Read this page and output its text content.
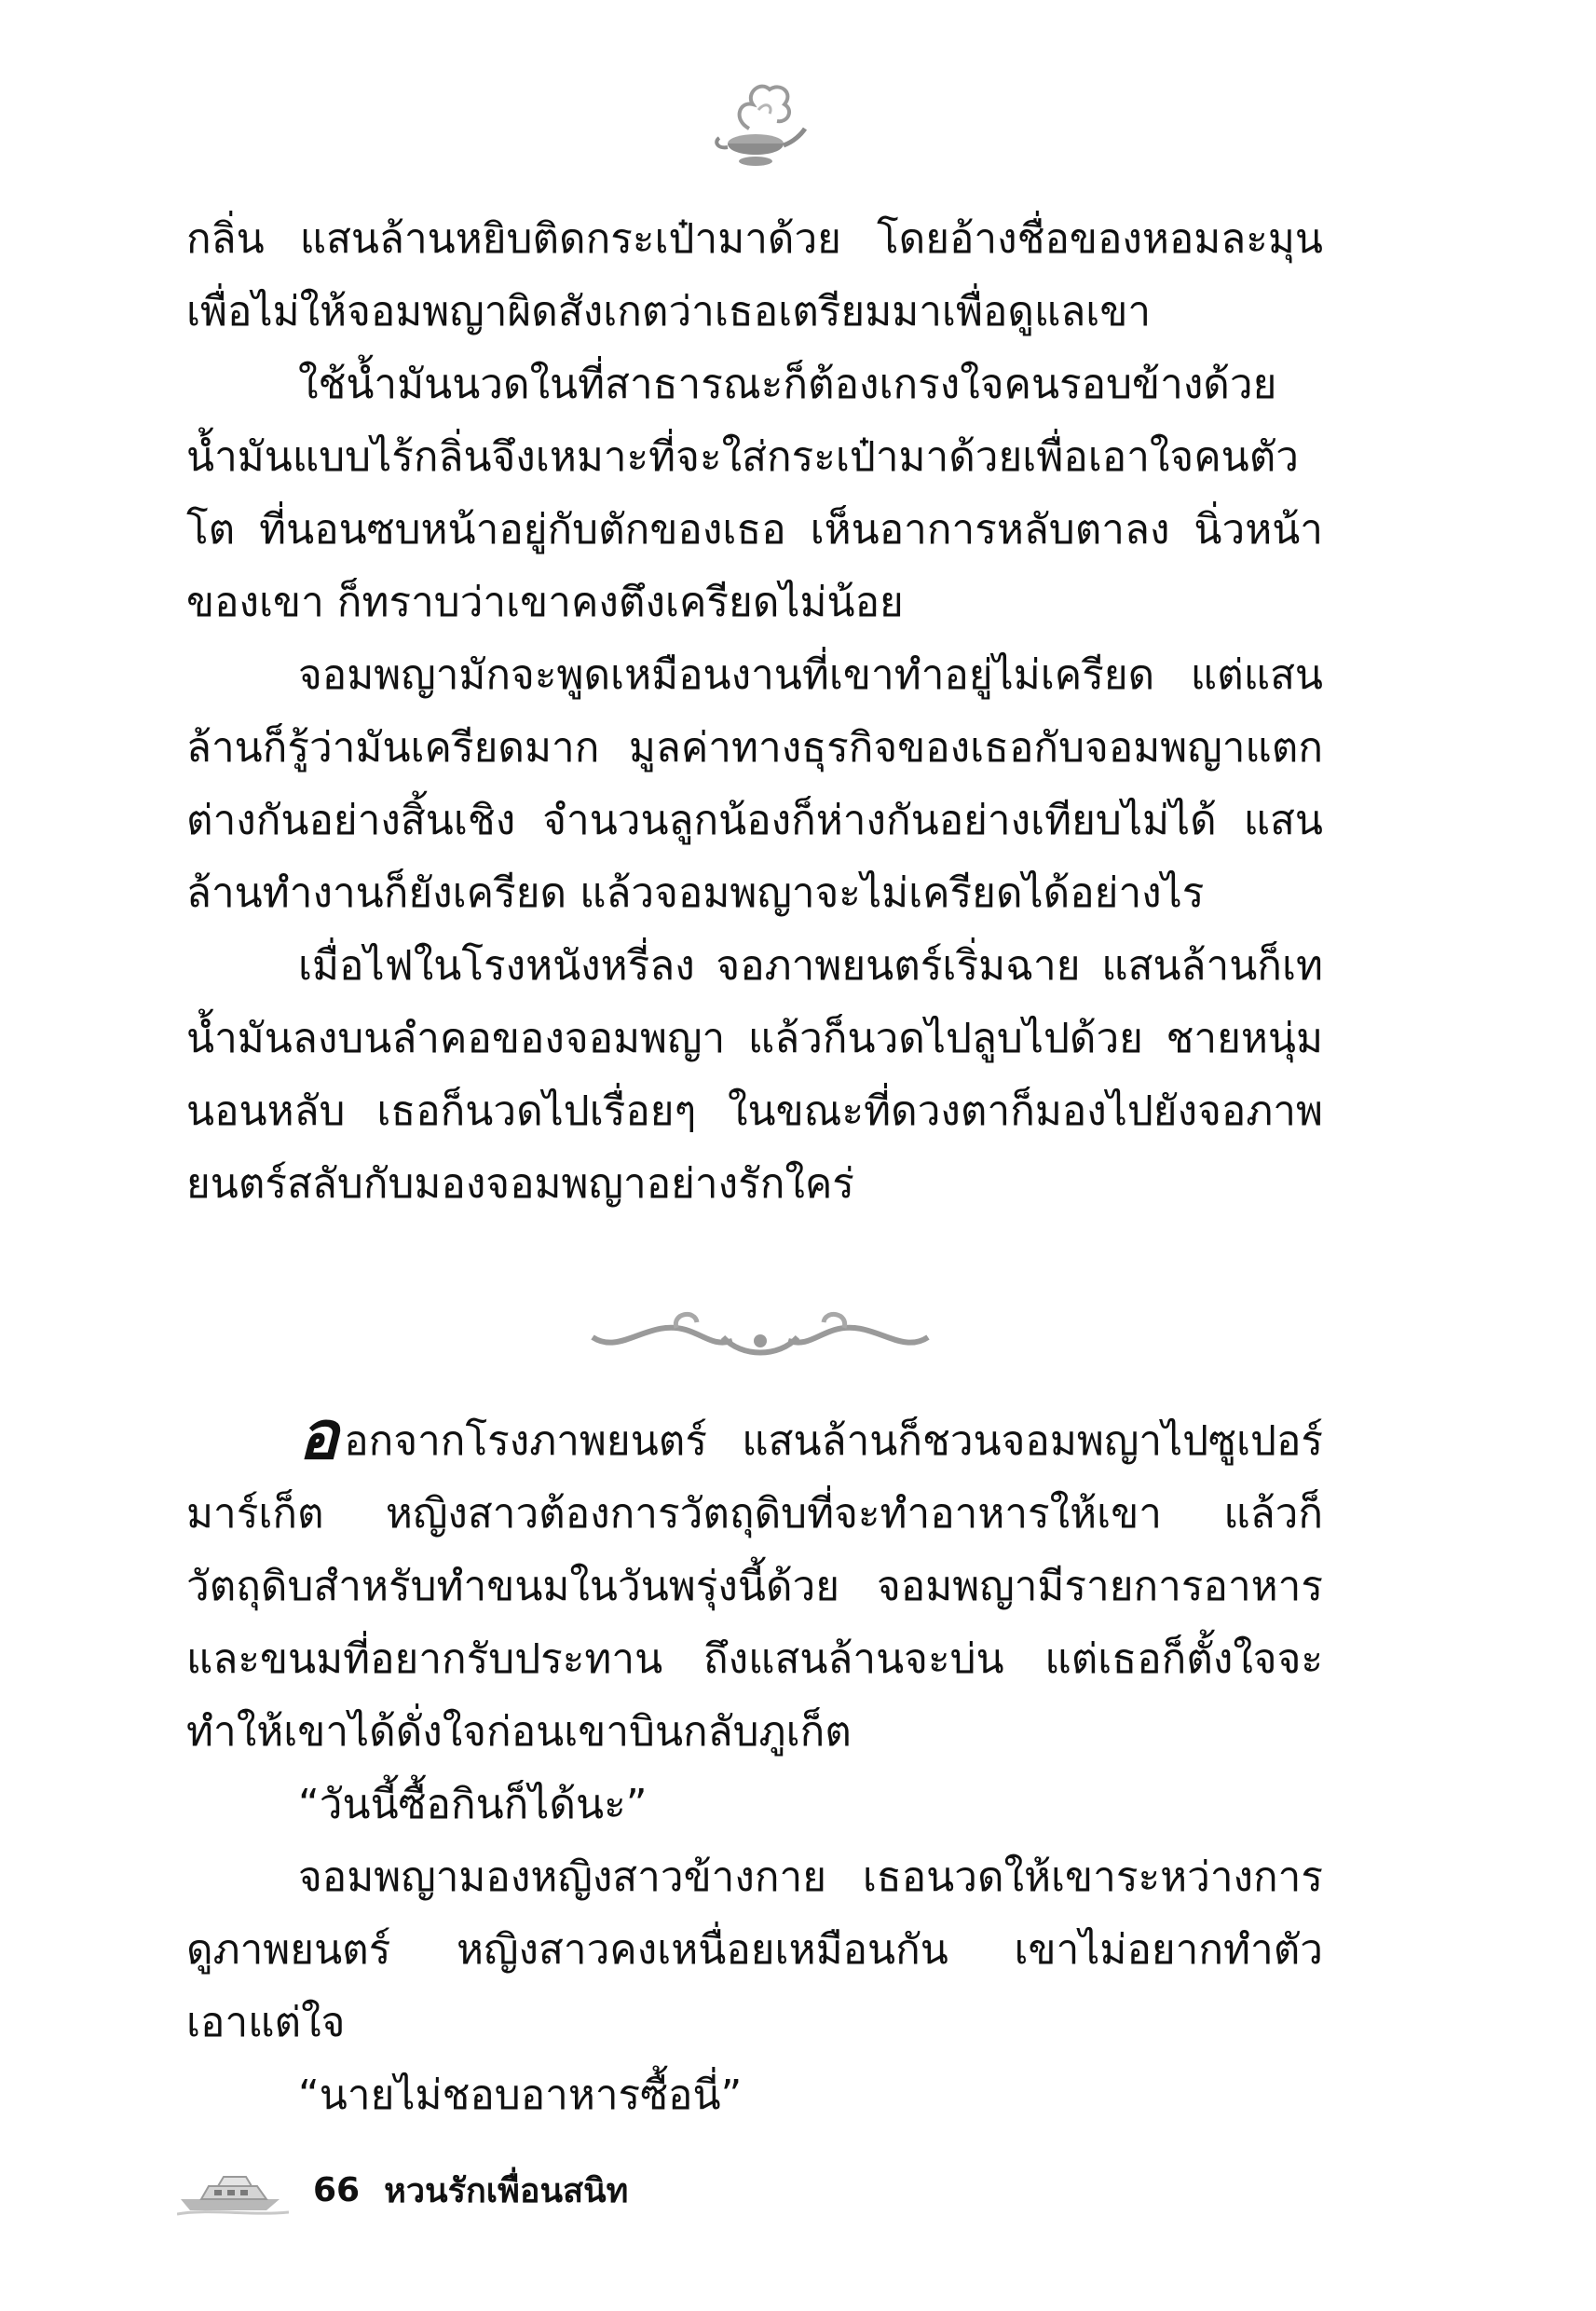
กลิ่น แสนล้านหยิบติดกระเป๋ามาด้วย โดยอ้างชื่อของหอมละมุน เพื่อไม่ให้จอมพญาผิดสังเกตว่าเธอเตรียมมาเพื่อดูแลเขา

ใช้น้ำมันนวดในที่สาธารณะก็ต้องเกรงใจคนรอบข้างด้วย น้ำมันแบบไร้กลิ่นจึงเหมาะที่จะใส่กระเป๋ามาด้วยเพื่อเอาใจคนตัวโต ที่นอนซบหน้าอยู่กับตักของเธอ เห็นอาการหลับตาลง นิ่วหน้าของเขา ก็ทราบว่าเขาคงตึงเครียดไม่น้อย

จอมพญามักจะพูดเหมือนงานที่เขาทำอยู่ไม่เครียด แต่แสนล้านก็รู้ว่ามันเครียดมาก มูลค่าทางธุรกิจของเธอกับจอมพญาแตกต่างกันอย่างสิ้นเชิง จำนวนลูกน้องก็ห่างกันอย่างเทียบไม่ได้ แสนล้านทำงานก็ยังเครียด แล้วจอมพญาจะไม่เครียดได้อย่างไร

เมื่อไฟในโรงหนังหรี่ลง จอภาพยนตร์เริ่มฉาย แสนล้านก็เทน้ำมันลงบนลำคอของจอมพญา แล้วก็นวดไปลูบไปด้วย ชายหนุ่มนอนหลับ เธอก็นวดไปเรื่อยๆ ในขณะที่ดวงตาก็มองไปยังจอภาพยนตร์สลับกับมองจอมพญาอย่างรักใคร่

ออกจากโรงภาพยนตร์ แสนล้านก็ชวนจอมพญาไปซูเปอร์มาร์เก็ต หญิงสาวต้องการวัตถุดิบที่จะทำอาหารให้เขา แล้วก็วัตถุดิบสำหรับทำขนมในวันพรุ่งนี้ด้วย จอมพญามีรายการอาหารและขนมที่อยากรับประทาน ถึงแสนล้านจะบ่น แต่เธอก็ตั้งใจจะทำให้เขาได้ดั่งใจก่อนเขาบินกลับภูเก็ต

“วันนี้ซื้อกินก็ได้นะ”

จอมพญามองหญิงสาวข้างกาย เธอนวดให้เขาระหว่างการดูภาพยนตร์ หญิงสาวคงเหนื่อยเหมือนกัน เขาไม่อยากทำตัวเอาแต่ใจ

“นายไม่ชอบอาหารซื้อนี่”

66 หวนรักเพื่อนสนิท
